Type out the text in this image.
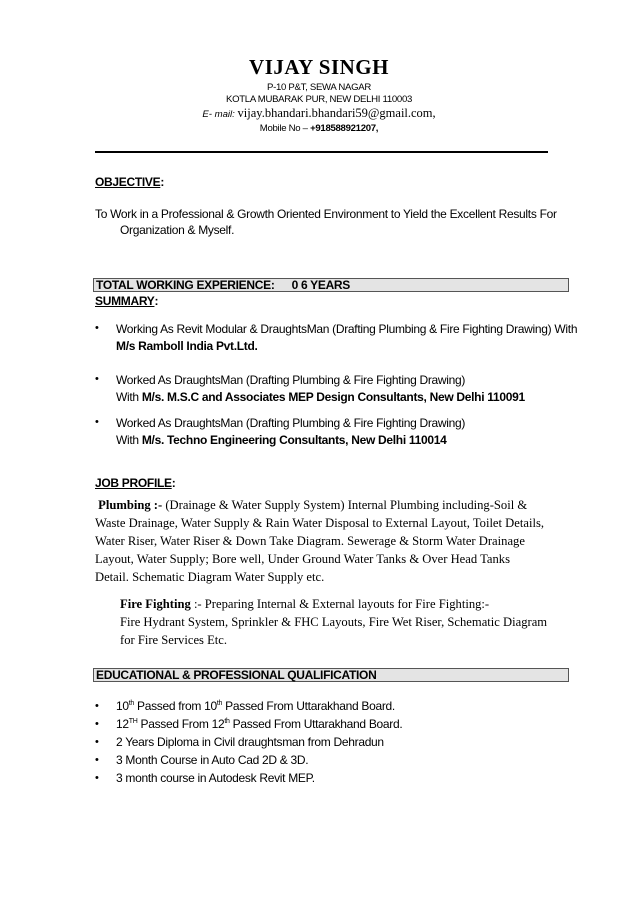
VIJAY SINGH
P-10 P&T, SEWA NAGAR
KOTLA MUBARAK PUR, NEW DELHI 110003
E- mail: vijay.bhandari.bhandari59@gmail.com,
Mobile No – +918588921207,
OBJECTIVE:
To Work in a Professional & Growth Oriented Environment to Yield the Excellent Results For
Organization & Myself.
TOTAL WORKING EXPERIENCE: 0 6 YEARS
SUMMARY:
•	Working As Revit Modular & DraughtsMan (Drafting Plumbing & Fire Fighting Drawing) With
M/s Ramboll India Pvt.Ltd.
•	Worked As DraughtsMan (Drafting Plumbing & Fire Fighting Drawing)
With M/s. M.S.C and Associates MEP Design Consultants, New Delhi 110091
•	Worked As DraughtsMan (Drafting Plumbing & Fire Fighting Drawing)
With M/s. Techno Engineering Consultants, New Delhi 110014
JOB PROFILE:
Plumbing :- (Drainage & Water Supply System) Internal Plumbing including-Soil &
Waste Drainage, Water Supply & Rain Water Disposal to External Layout, Toilet Details,
Water Riser, Water Riser & Down Take Diagram. Sewerage & Storm Water Drainage
Layout, Water Supply; Bore well, Under Ground Water Tanks & Over Head Tanks
Detail. Schematic Diagram Water Supply etc.
Fire Fighting :- Preparing Internal & External layouts for Fire Fighting:-
Fire Hydrant System, Sprinkler & FHC Layouts, Fire Wet Riser, Schematic Diagram
for Fire Services Etc.
EDUCATIONAL & PROFESSIONAL QUALIFICATION
• 10th Passed from 10th Passed From Uttarakhand Board.
• 12TH Passed From 12th Passed From Uttarakhand Board.
• 2 Years Diploma in Civil draughtsman from Dehradun
• 3 Month Course in Auto Cad 2D & 3D.
• 3 month course in Autodesk Revit MEP.
